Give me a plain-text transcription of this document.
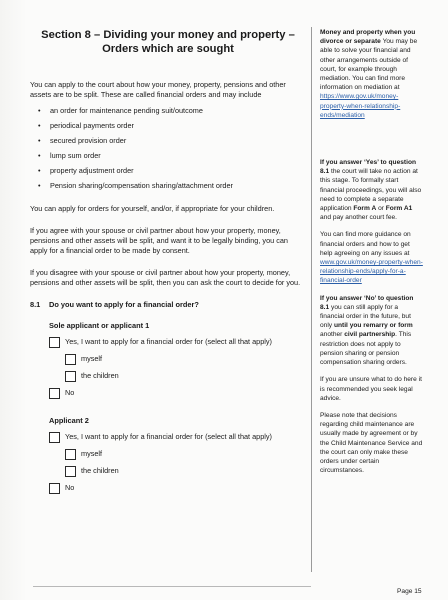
Section 8 – Dividing your money and property – Orders which are sought

You can apply to the court about how your money, property, pensions and other assets are to be split. These are called financial orders and may include

• an order for maintenance pending suit/outcome
• periodical payments order
• secured provision order
• lump sum order
• property adjustment order
• Pension sharing/compensation sharing/attachment order

You can apply for orders for yourself, and/or, if appropriate for your children.

If you agree with your spouse or civil partner about how your property, money, pensions and other assets will be split, and want it to be legally binding, you can apply for a financial order to be made by consent.

If you disagree with your spouse or civil partner about how your property, money, pensions and other assets will be split, then you can ask the court to decide for you.

8.1	Do you want to apply for a financial order?
Sole applicant or applicant 1
Yes, I want to apply for a financial order for (select all that apply)
myself
the children
No
Applicant 2
Yes, I want to apply for a financial order for (select all that apply)
myself
the children
No

Money and property when you divorce or separate You may be able to solve your financial and other arrangements outside of court, for example through mediation. You can find more information on mediation at https://www.gov.uk/money-property-when-relationship-ends/mediation

If you answer ‘Yes’ to question 8.1 the court will take no action at this stage. To formally start financial proceedings, you will also need to complete a separate application Form A or Form A1 and pay another court fee.

You can find more guidance on financial orders and how to get help agreeing on any issues at www.gov.uk/money-property-when-relationship-ends/apply-for-a-financial-order

If you answer ‘No’ to question 8.1 you can still apply for a financial order in the future, but only until you remarry or form another civil partnership. This restriction does not apply to pension sharing or pension compensation sharing orders.

If you are unsure what to do here it is recommended you seek legal advice.

Please note that decisions regarding child maintenance are usually made by agreement or by the Child Maintenance Service and the court can only make these orders under certain circumstances.

Page 15
